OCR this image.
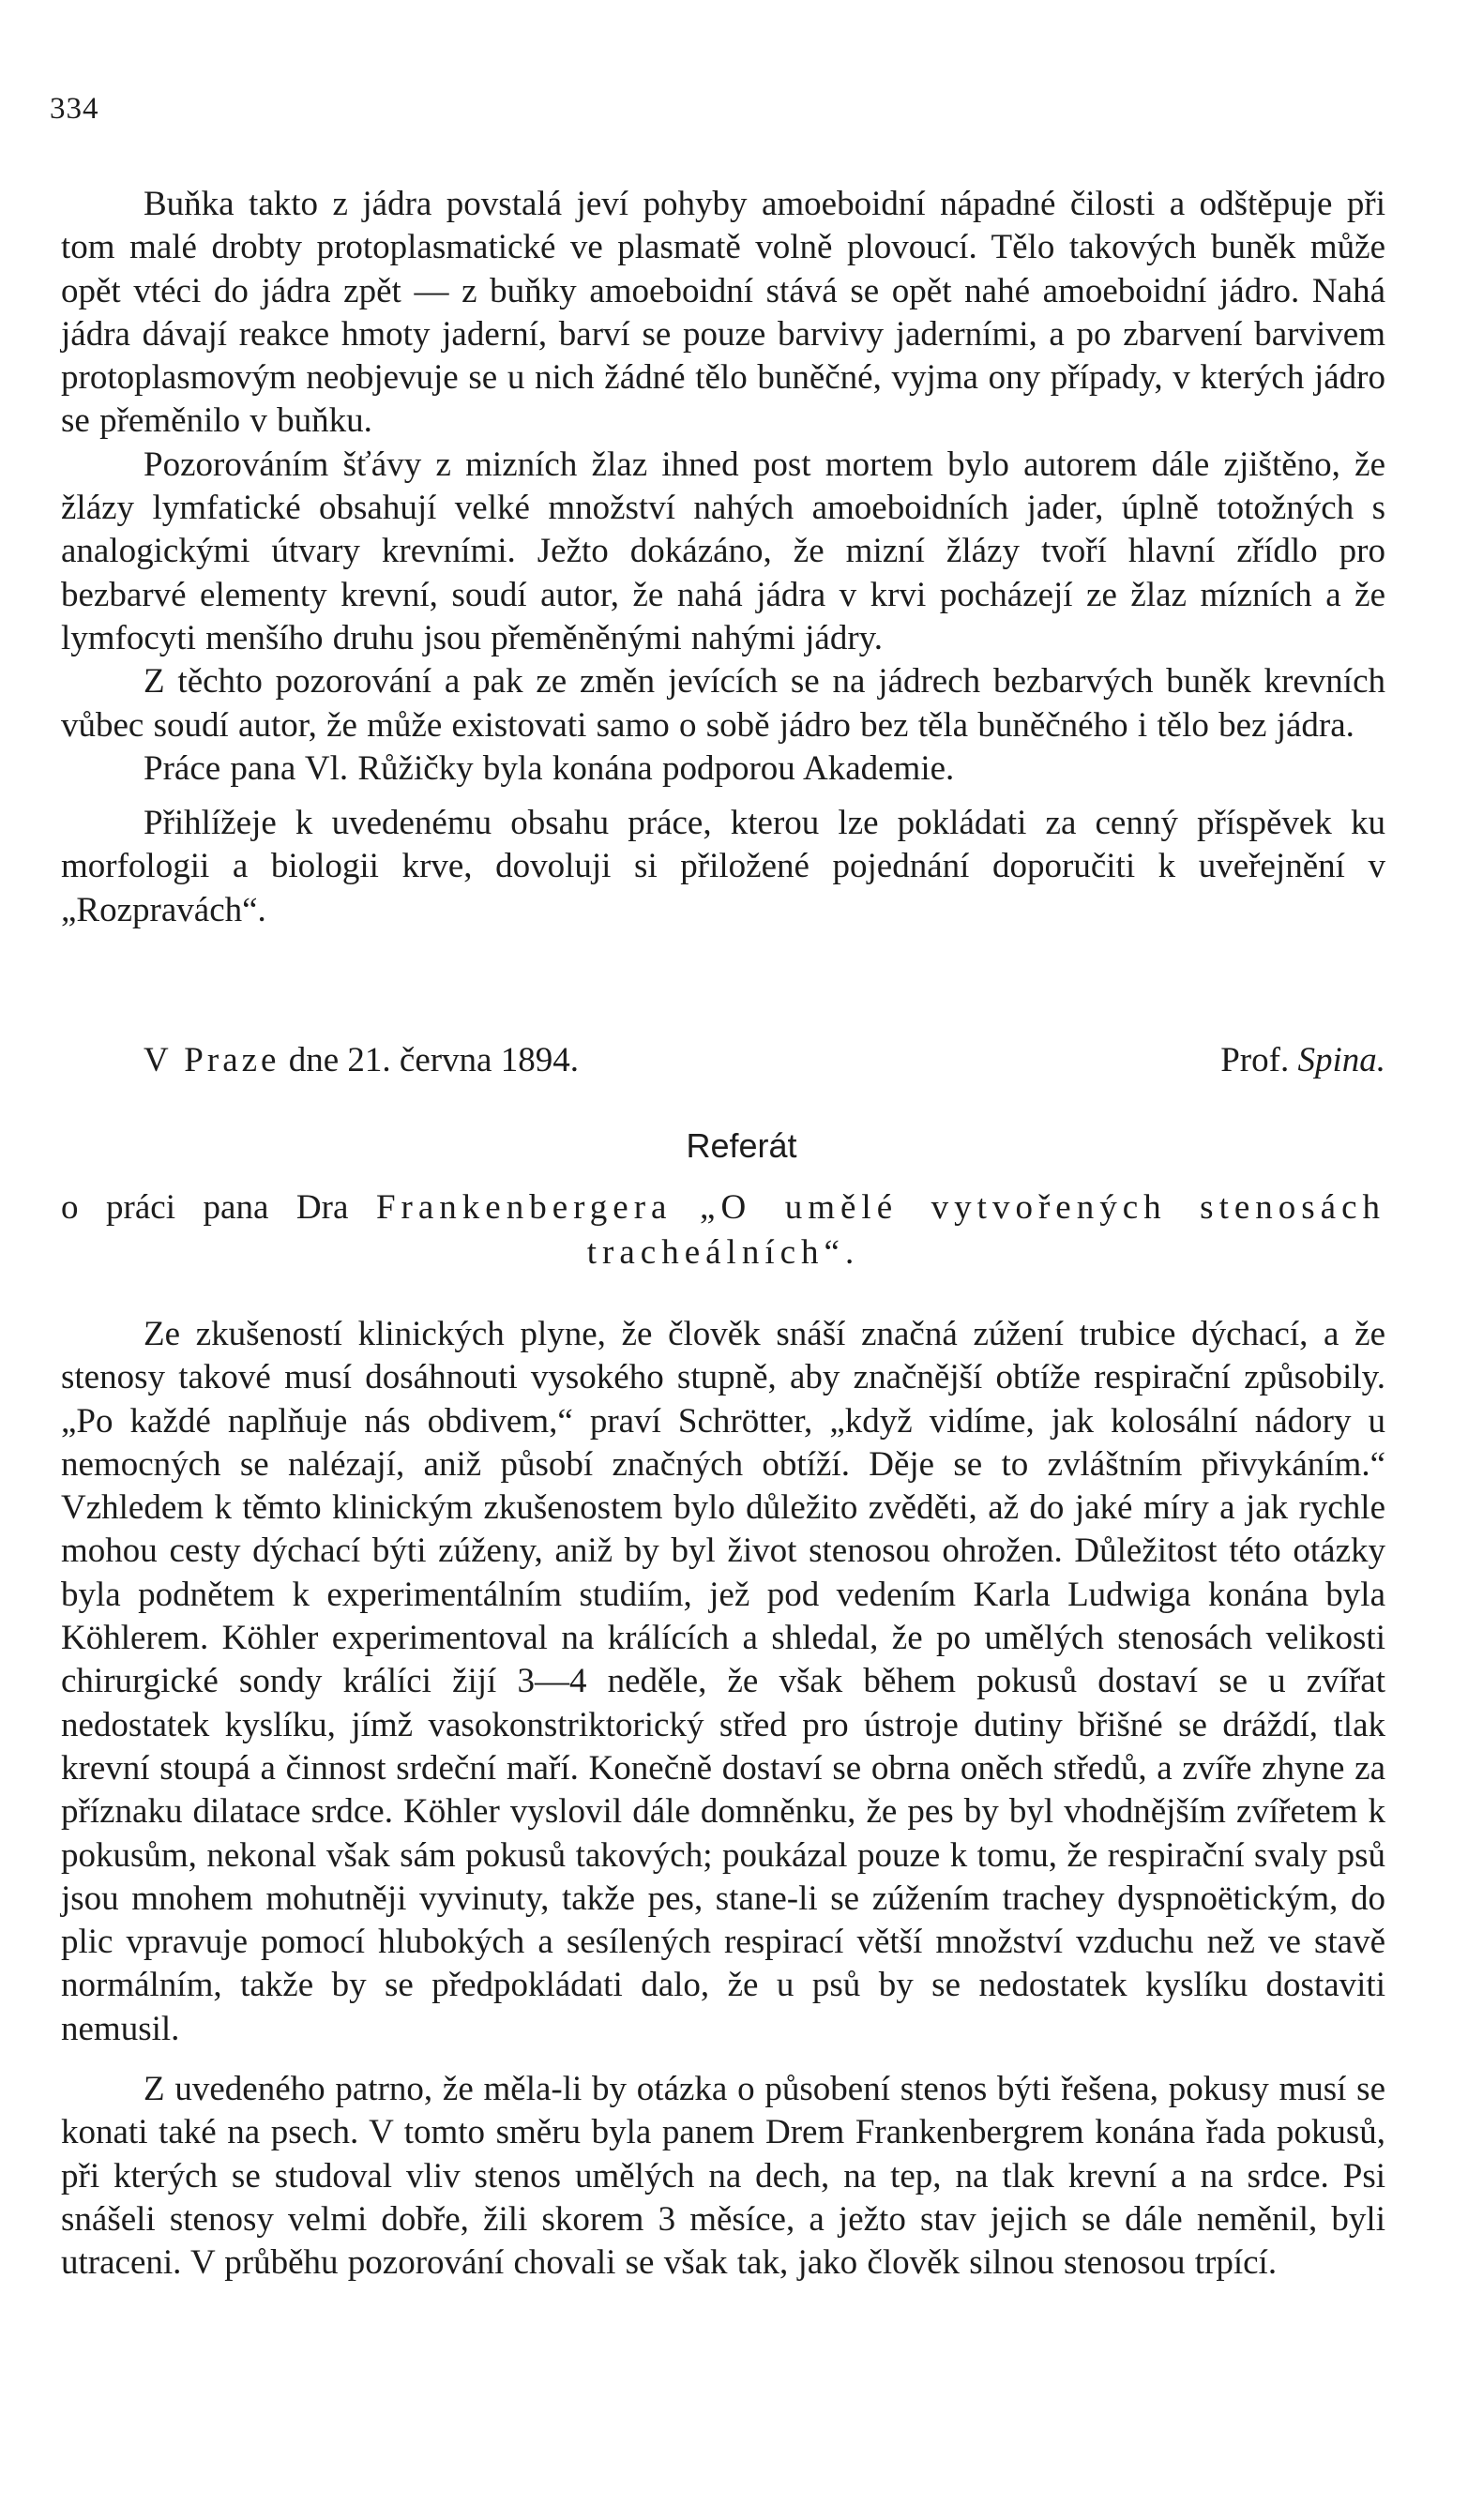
334

Buňka takto z jádra povstalá jeví pohyby amoeboidní nápadné čilosti a odštěpuje při tom malé drobty protoplasmatické ve plasmatě volně plovoucí. Tělo takových buněk může opět vtéci do jádra zpět — z buňky amoeboidní stává se opět nahé amoeboidní jádro. Nahá jádra dávají reakce hmoty jaderní, barví se pouze barvivy jaderními, a po zbarvení barvivem protoplasmovým neobjevuje se u nich žádné tělo buněčné, vyjma ony případy, v kterých jádro se přeměnilo v buňku.

Pozorováním šťávy z mizních žlaz ihned post mortem bylo autorem dále zjištěno, že žlázy lymfatické obsahují velké množství nahých amoeboidních jader, úplně totožných s analogickými útvary krevními. Ježto dokázáno, že mizní žlázy tvoří hlavní zřídlo pro bezbarvé elementy krevní, soudí autor, že nahá jádra v krvi pocházejí ze žlaz mízních a že lymfocyti menšího druhu jsou přeměněnými nahými jádry.

Z těchto pozorování a pak ze změn jevících se na jádrech bezbarvých buněk krevních vůbec soudí autor, že může existovati samo o sobě jádro bez těla buněčného i tělo bez jádra.

Práce pana Vl. Růžičky byla konána podporou Akademie.

Přihlížeje k uvedenému obsahu práce, kterou lze pokládati za cenný příspěvek ku morfologii a biologii krve, dovoluji si přiložené pojednání doporučiti k uveřejnění v „Rozpravách“.

V Praze dne 21. června 1894.	Prof. Spina.
Referát
o práci pana Dra Frankenbergera „O umělé vytvořených stenosách tracheálních“.

Ze zkušeností klinických plyne, že člověk snáší značná zúžení trubice dýchací, a že stenosy takové musí dosáhnouti vysokého stupně, aby značnější obtíže respirační způsobily. „Po každé naplňuje nás obdivem,“ praví Schrötter, „když vidíme, jak kolosální nádory u nemocných se nalézají, aniž působí značných obtíží. Děje se to zvláštním přivykáním.“ Vzhledem k těmto klinickým zkušenostem bylo důležito zvěděti, až do jaké míry a jak rychle mohou cesty dýchací býti zúženy, aniž by byl život stenosou ohrožen. Důležitost této otázky byla podnětem k experimentálním studiím, jež pod vedením Karla Ludwiga konána byla Köhlerem. Köhler experimentoval na králících a shledal, že po umělých stenosách velikosti chirurgické sondy králíci žijí 3—4 neděle, že však během pokusů dostaví se u zvířat nedostatek kyslíku, jímž vasokonstriktorický střed pro ústroje dutiny břišné se dráždí, tlak krevní stoupá a činnost srdeční maří. Konečně dostaví se obrna oněch středů, a zvíře zhyne za příznaku dilatace srdce. Köhler vyslovil dále domněnku, že pes by byl vhodnějším zvířetem k pokusům, nekonal však sám pokusů takových; poukázal pouze k tomu, že respirační svaly psů jsou mnohem mohutněji vyvinuty, takže pes, stane-li se zúžením trachey dyspnoëtickým, do plic vpravuje pomocí hlubokých a sesílených respirací větší množství vzduchu než ve stavě normálním, takže by se předpokládati dalo, že u psů by se nedostatek kyslíku dostaviti nemusil.

Z uvedeného patrno, že měla-li by otázka o působení stenos býti řešena, pokusy musí se konati také na psech. V tomto směru byla panem Drem Frankenbergrem konána řada pokusů, při kterých se studoval vliv stenos umělých na dech, na tep, na tlak krevní a na srdce. Psi snášeli stenosy velmi dobře, žili skorem 3 měsíce, a ježto stav jejich se dále neměnil, byli utraceni. V průběhu pozorování chovali se však tak, jako člověk silnou stenosou trpící.
